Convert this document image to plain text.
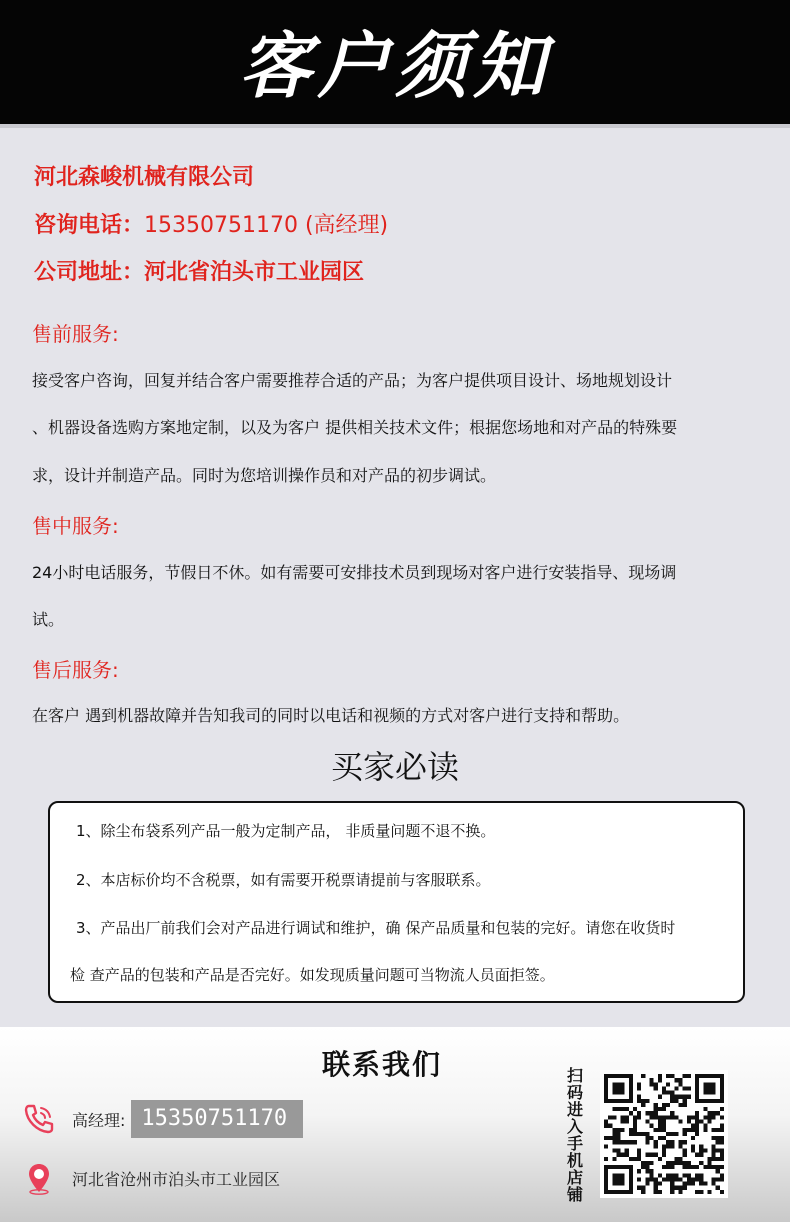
客户须知
河北森峻机械有限公司
咨询电话：15350751170 (高经理)
公司地址：河北省泊头市工业园区
售前服务:
接受客户咨询，回复并结合客户需要推荐合适的产品；为客户提供项目设计、场地规划设计
、机器设备选购方案地定制，以及为客户 提供相关技术文件；根据您场地和对产品的特殊要
求，设计并制造产品。同时为您培训操作员和对产品的初步调试。
售中服务:
24小时电话服务，节假日不休。如有需要可安排技术员到现场对客户进行安装指导、现场调
试。
售后服务:
在客户 遇到机器故障并告知我司的同时以电话和视频的方式对客户进行支持和帮助。
买家必读
1、除尘布袋系列产品一般为定制产品， 非质量问题不退不换。
2、本店标价均不含税票，如有需要开税票请提前与客服联系。
3、产品出厂前我们会对产品进行调试和维护，确 保产品质量和包装的完好。请您在收货时
检 查产品的包装和产品是否完好。如发现质量问题可当物流人员面拒签。
联系我们
高经理: 15350751170
河北省沧州市泊头市工业园区
扫
码
进
入
手
机
店
铺
